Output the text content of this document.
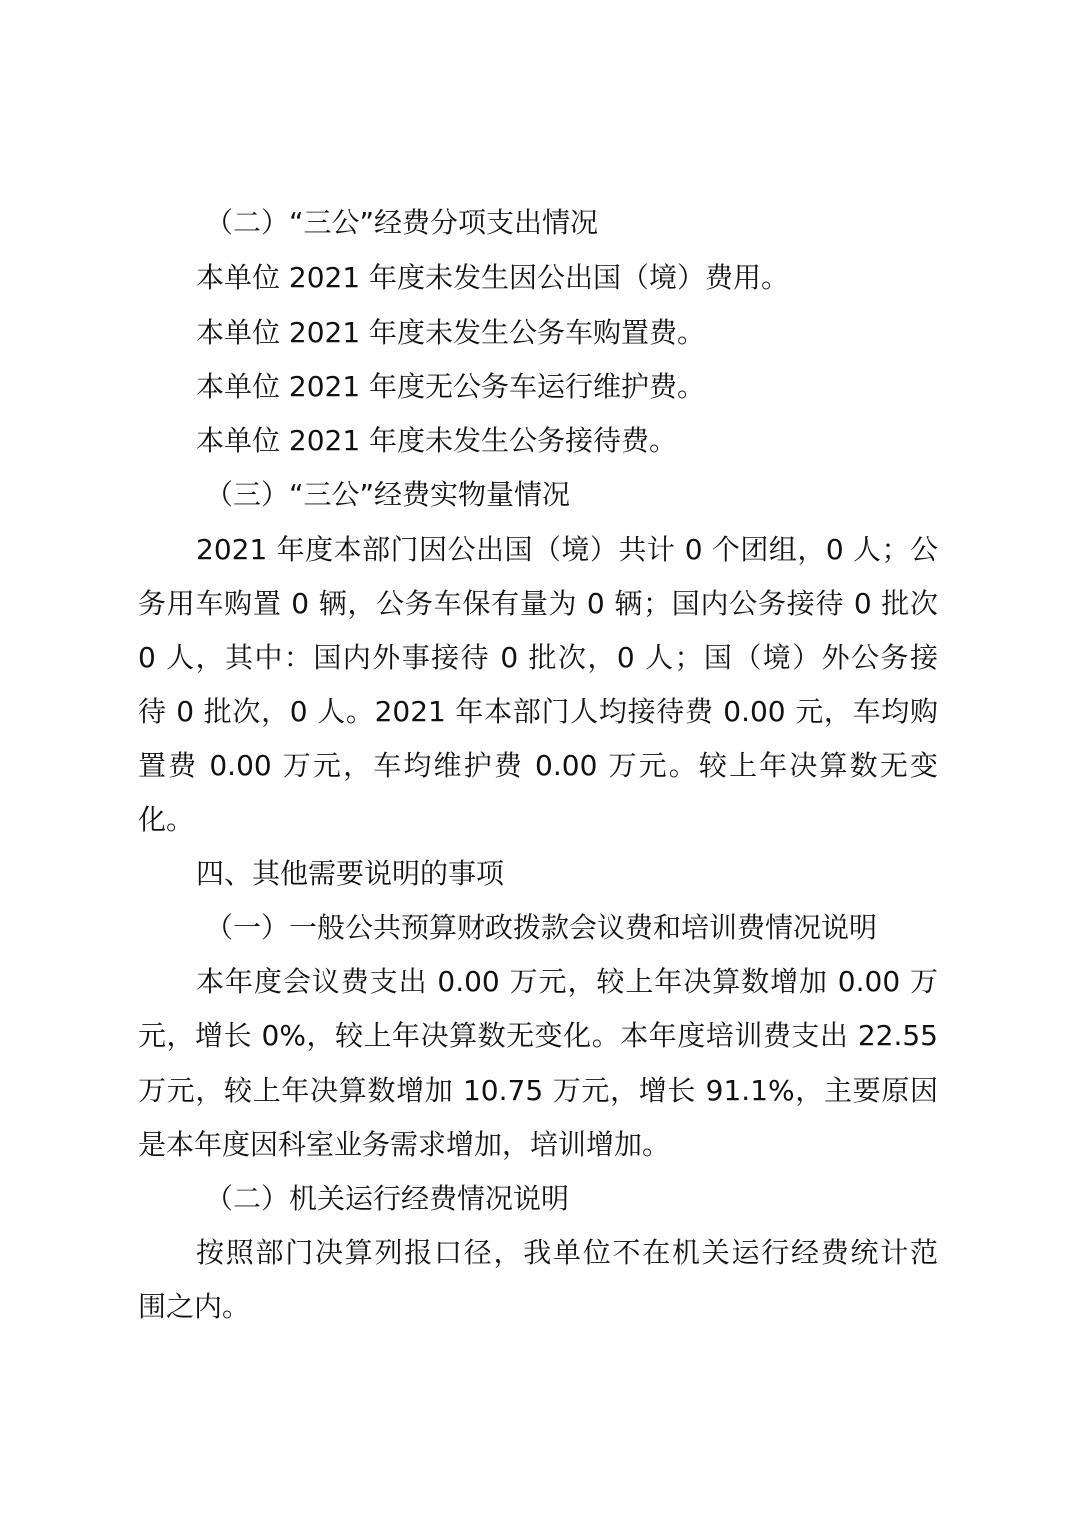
（二）“三公”经费分项支出情况
本单位 2021 年度未发生因公出国（境）费用。
本单位 2021 年度未发生公务车购置费。
本单位 2021 年度无公务车运行维护费。
本单位 2021 年度未发生公务接待费。
（三）“三公”经费实物量情况
2021 年度本部门因公出国（境）共计 0 个团组，0 人；公
务用车购置 0 辆，公务车保有量为 0 辆；国内公务接待 0 批次
0 人，其中：国内外事接待 0 批次，0 人；国（境）外公务接
待 0 批次，0 人。2021 年本部门人均接待费 0.00 元，车均购
置费 0.00 万元，车均维护费 0.00 万元。较上年决算数无变
化。
四、其他需要说明的事项
（一）一般公共预算财政拨款会议费和培训费情况说明
本年度会议费支出 0.00 万元，较上年决算数增加 0.00 万
元，增长 0%，较上年决算数无变化。本年度培训费支出 22.55
万元，较上年决算数增加 10.75 万元，增长 91.1%，主要原因
是本年度因科室业务需求增加，培训增加。
（二）机关运行经费情况说明
按照部门决算列报口径，我单位不在机关运行经费统计范
围之内。
